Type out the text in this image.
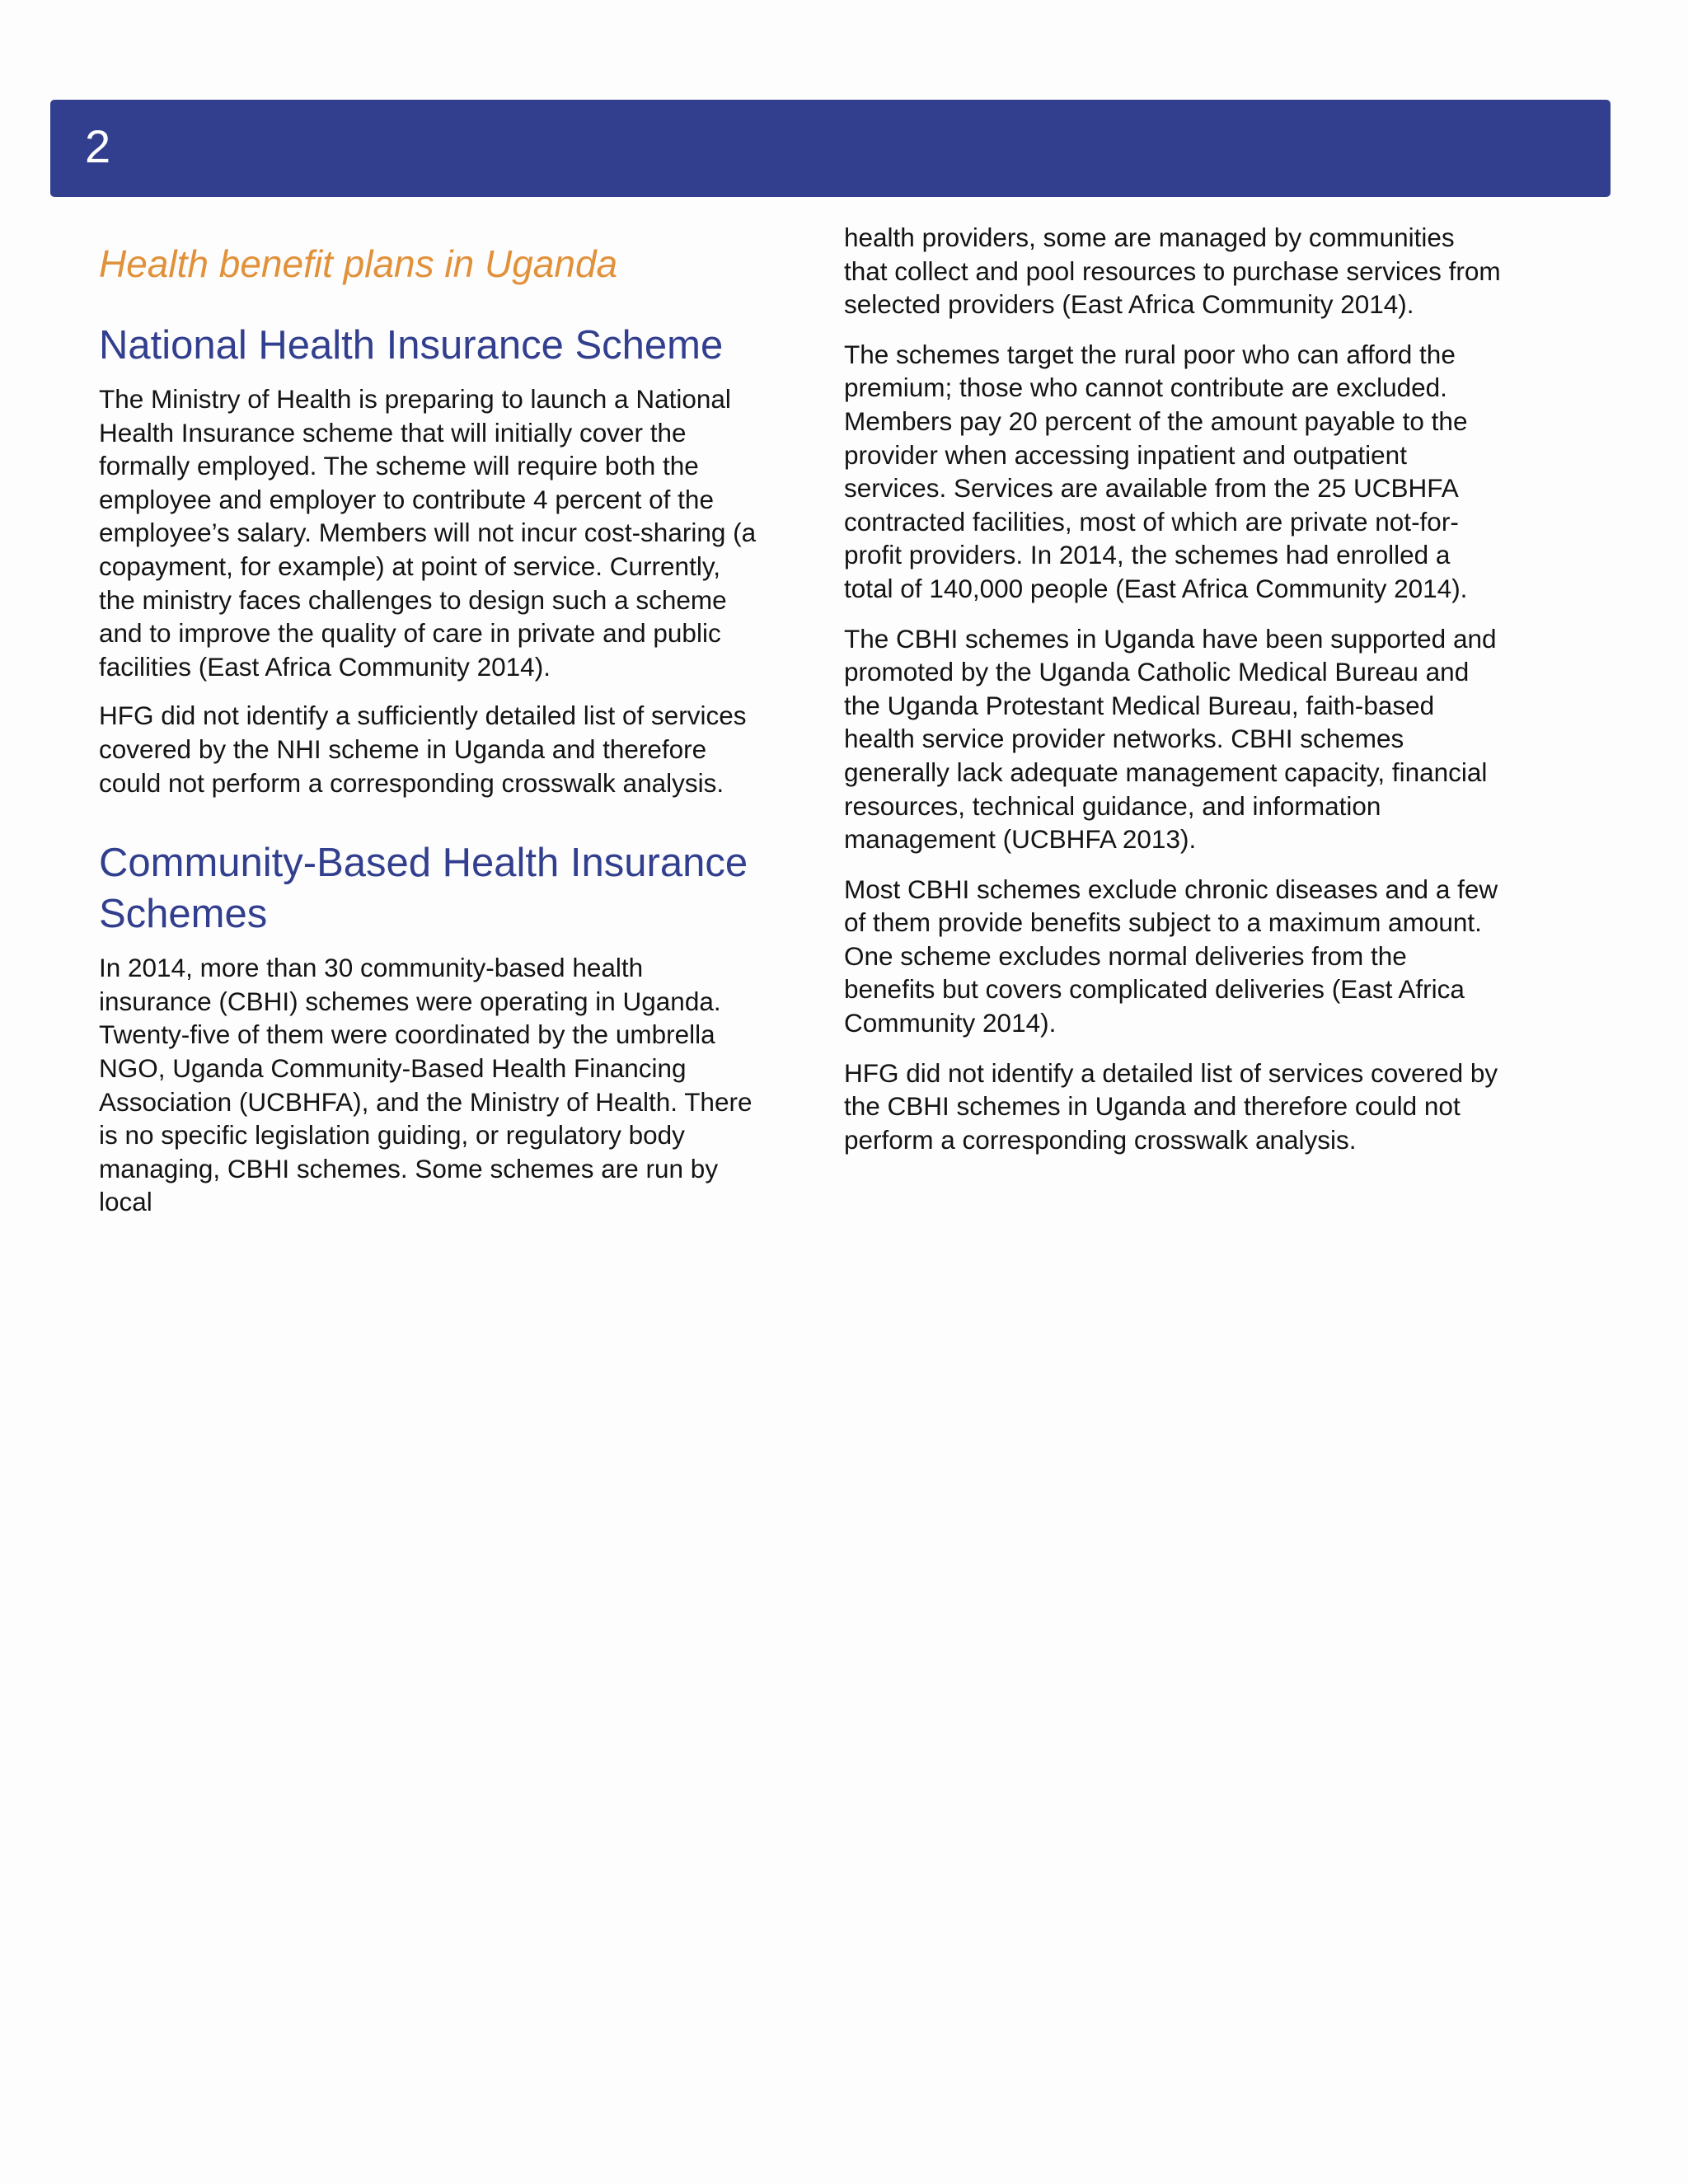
2
Health benefit plans in Uganda
National Health Insurance Scheme

The Ministry of Health is preparing to launch a National Health Insurance scheme that will initially cover the formally employed. The scheme will require both the employee and employer to contribute 4 percent of the employee’s salary. Members will not incur cost-sharing (a copayment, for example) at point of service. Currently, the ministry faces challenges to design such a scheme and to improve the quality of care in private and public facilities (East Africa Community 2014).

HFG did not identify a sufficiently detailed list of services covered by the NHI scheme in Uganda and therefore could not perform a corresponding crosswalk analysis.

Community-Based Health Insurance Schemes

In 2014, more than 30 community-based health insurance (CBHI) schemes were operating in Uganda. Twenty-five of them were coordinated by the umbrella NGO, Uganda Community-Based Health Financing Association (UCBHFA), and the Ministry of Health. There is no specific legislation guiding, or regulatory body managing, CBHI schemes. Some schemes are run by local

health providers, some are managed by communities that collect and pool resources to purchase services from selected providers (East Africa Community 2014).

The schemes target the rural poor who can afford the premium; those who cannot contribute are excluded. Members pay 20 percent of the amount payable to the provider when accessing inpatient and outpatient services. Services are available from the 25 UCBHFA contracted facilities, most of which are private not-for-profit providers. In 2014, the schemes had enrolled a total of 140,000 people (East Africa Community 2014).

The CBHI schemes in Uganda have been supported and promoted by the Uganda Catholic Medical Bureau and the Uganda Protestant Medical Bureau, faith-based health service provider networks. CBHI schemes generally lack adequate management capacity, financial resources, technical guidance, and information management (UCBHFA 2013).

Most CBHI schemes exclude chronic diseases and a few of them provide benefits subject to a maximum amount. One scheme excludes normal deliveries from the benefits but covers complicated deliveries (East Africa Community 2014).

HFG did not identify a detailed list of services covered by the CBHI schemes in Uganda and therefore could not perform a corresponding crosswalk analysis.
